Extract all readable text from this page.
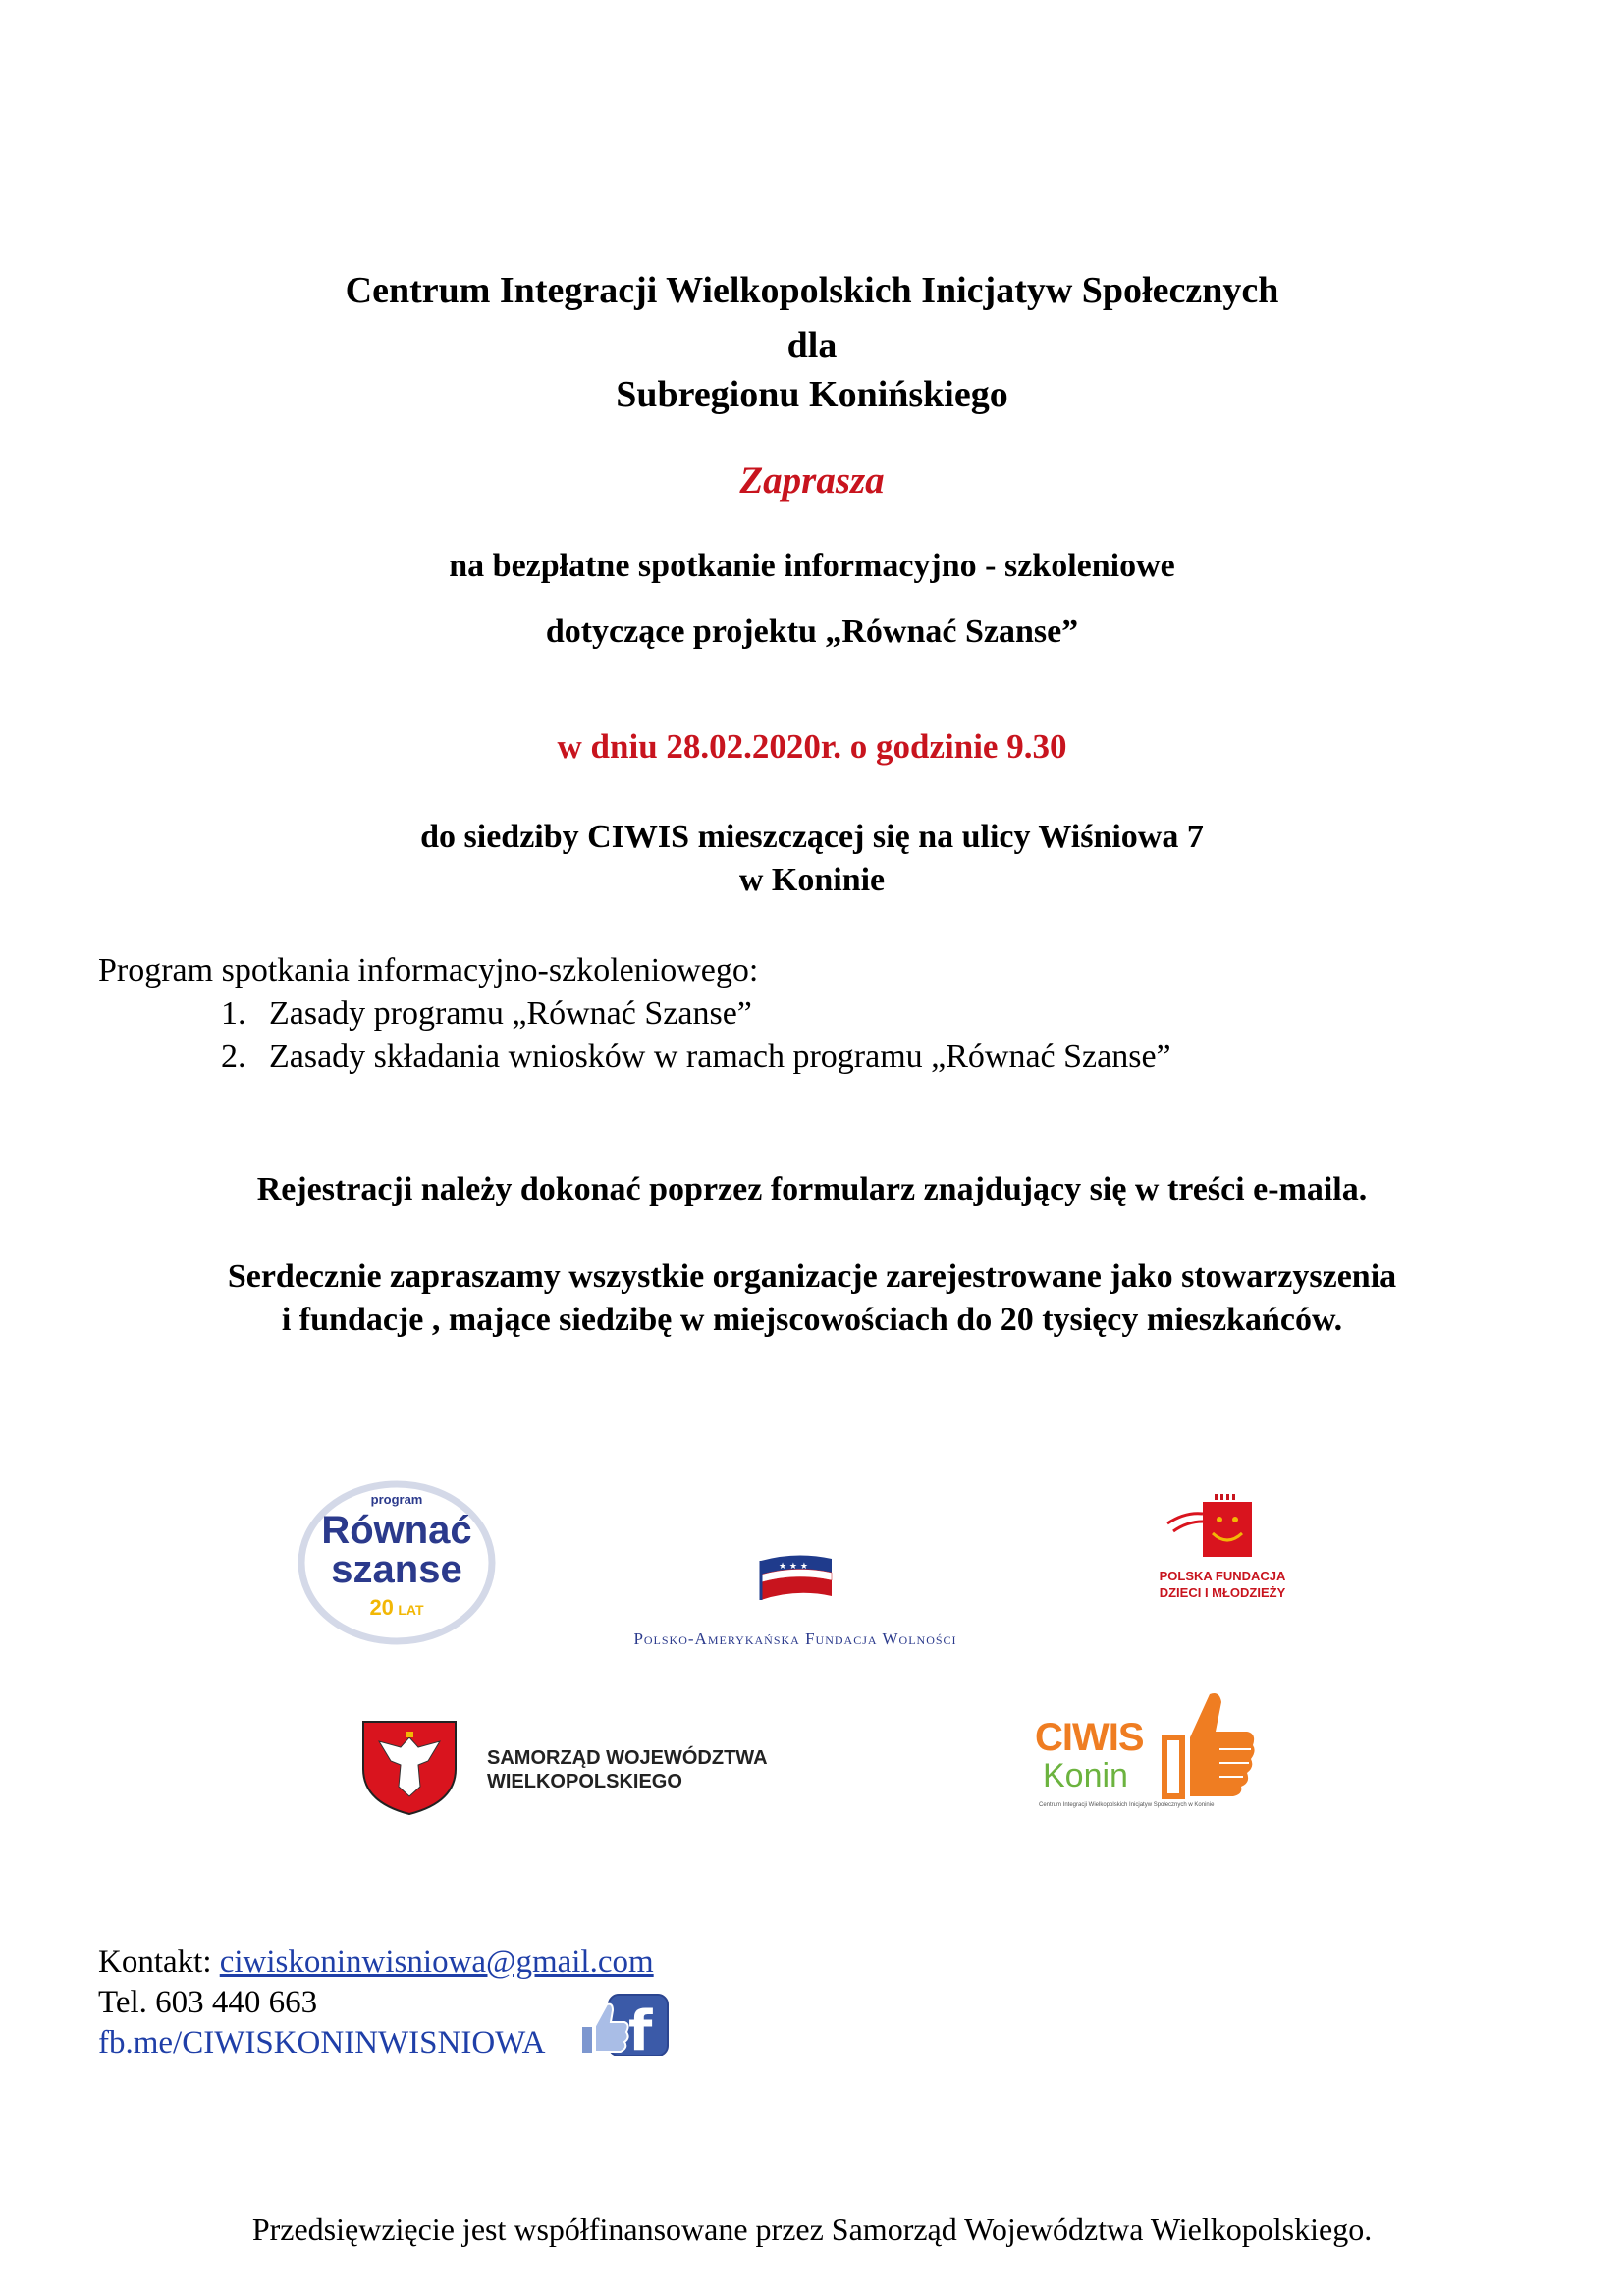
Centrum Integracji Wielkopolskich Inicjatyw Społecznych
dla
Subregionu Konińskiego
Zaprasza
na bezpłatne spotkanie informacyjno - szkoleniowe
dotyczące projektu „Równać Szanse”
w dniu 28.02.2020r. o godzinie 9.30
do siedziby CIWIS mieszczącej się na ulicy Wiśniowa 7
w Koninie
Program spotkania informacyjno-szkoleniowego:
1. Zasady programu „Równać Szanse”
2. Zasady składania wniosków w ramach programu „Równać Szanse”
Rejestracji należy dokonać poprzez formularz znajdujący się w treści e-maila.
Serdecznie zapraszamy wszystkie organizacje zarejestrowane jako stowarzyszenia
i fundacje , mające siedzibę w miejscowościach do 20 tysięcy mieszkańców.
program
Równać
szanse
20 LAT
★ ★ ★
Polsko-Amerykańska Fundacja Wolności
POLSKA FUNDACJA
DZIECI I MŁODZIEŻY
SAMORZĄD WOJEWÓDZTWA
WIELKOPOLSKIEGO
CIWIS
Konin
Centrum Integracji Wielkopolskich Inicjatyw Społecznych w Koninie
Kontakt: ciwiskoninwisniowa@gmail.com
Tel. 603 440 663
fb.me/CIWISKONINWISNIOWA f
Przedsięwzięcie jest współfinansowane przez Samorząd Województwa Wielkopolskiego.
